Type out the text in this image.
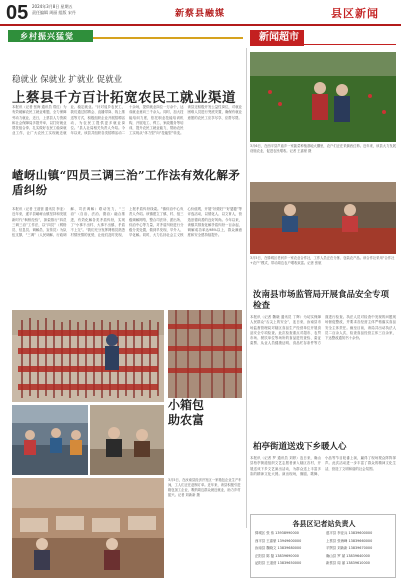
05 2024年3月8日 星期五
责任编辑 周丽 组版 宋丹	新蔡县融媒	县区新闻
乡村振兴猛觉
稳就业 保就业 扩就业 促就业
上蔡县千方百计拓宽农民工就业渠道
本报讯（记者 张海 通讯员 郑红）为有效破解农民工就业难题，全力保障劳动力就业，近日，上蔡县人力资源和社会保障局多措并举，以打好就业帮扶组合拳、扎实做好农民工稳岗就业工作，让广大农民工实现就近就业、稳定就业。“针对返乡农民工，我们通过招聘会、直播带岗、线上推送等方式，积极组织企业开展招聘活动，为农民工提供更多就业岗位。”县人社局相关负责人介绍。今年以来，该县共组织各类招聘活动二十余场，提供就业岗位一万余个，达成就业意向三千余人。同时，加大技能培训力度，依托职业技能培训机构，开展电工、焊工、家政服务等培训，提升农民工就业能力，帮助农民工实现从“体力型”向“技能型”转变。该县还积极开发公益性岗位，对就业困难人员进行兜底安置，确保有就业意愿的农民工应享尽享、应帮尽帮。
嵖岈山镇“四员三调三治”工作法有效化解矛盾纠纷
本报讯（记者 王道营 通讯员 李亚）近年来，遂平县嵖岈山镇坚持和发展新时代“枫桥经验”，探索推行“四员三调三治”工作法，以“四员”（网格员、信息员、调解员、宣传员）为队伍支撑，“三调”（人民调解、行政调解、司法调解）联动发力，“三治”（自治、法治、德治）融合推进，有效化解各类矛盾纠纷，实现了“小事不出村、大事不出镇、矛盾不上交”。“我们充分发挥网格员熟悉村情民情的优势，让他们及时发现、上报矛盾纠纷线索。”镇综治中心负责人介绍。该镇建立了镇、村、组三级调解网络，整合司法所、派出所、综治中心等力量，对矛盾纠纷进行分级分类处置，做到早发现、早介入、早化解。同时，大力弘扬社会主义核心价值观，开展“好媳妇”“好婆婆”等评选活动，以德化人、以文育人，营造崇德向善的良好风尚。今年以来，该镇共排查化解矛盾纠纷一百余起，调解成功率达98%以上，群众满意度和安全感持续提升。
小箱包助农富
3月5日，在汝南县经济开发区一家箱包企业生产车间，工人们正在赶制订单。近年来，该县积极引进箱包加工企业，吸纳周边群众就近就业，助力乡村振兴。记者 刘新新 摄
新闻超市
3月6日，在西平县芦庙乡一家蔬菜种植基地大棚里，农户们正在采摘西红柿。近年来，该县大力发展设施农业，促进农民增收。记者 王嘉豪 摄
3月5日，在驿城区老河乡一家农业合作社，工作人员正在分拣、包装农产品。该合作社采用“合作社+农户”模式，带动周边农户增收致富。记者 张航
汝南县市场监管局开展食品安全专项检查
本报讯（记者 魏晓 通讯员 丁辉）为切实保障人民群众“舌尖上的安全”，连日来，汝南县市场监督管理局对辖区食品生产经营单位开展食品安全专项检查。此次检查重点对超市、农贸市场、餐饮单位等场所的食品进货查验、索证索票、从业人员健康证明、食品贮存条件等方面进行检查。执法人员对检查中发现的问题现场督促整改，并要求各经营主体严格落实食品安全主体责任。截至目前，该局共出动执法人员二百余人次，检查食品经营主体三百余家，下达整改通知书十余份。
柏亭街道送戏下乡暖人心
本报讯（记者 罗 通讯员 刘婷）连日来，确山县柏亭街道组织文艺志愿者深入辖区各村，开展送戏下乡文艺演出活动，为群众送上丰富多彩的精神文化大餐。演出现场，豫剧、歌舞、小品等节目轮番上演，赢得了现场观众阵阵掌声。此次活动进一步丰富了群众的精神文化生活，营造了文明和谐的社会氛围。
各县区记者站负责人
驿城区 张 伟 13938990000	遂平县 李亚兵 13839600000
西平县 王嘉豪 13949600000	上蔡县 张海峰 13839660000
汝南县 魏晓文 13839680000	平舆县 刘新新 13839670000
正阳县 陈 磊 13839690000	确山县 罗 斌 13839640000
泌阳县 王道营 13839650000	新蔡县 周 丽 13839610000
